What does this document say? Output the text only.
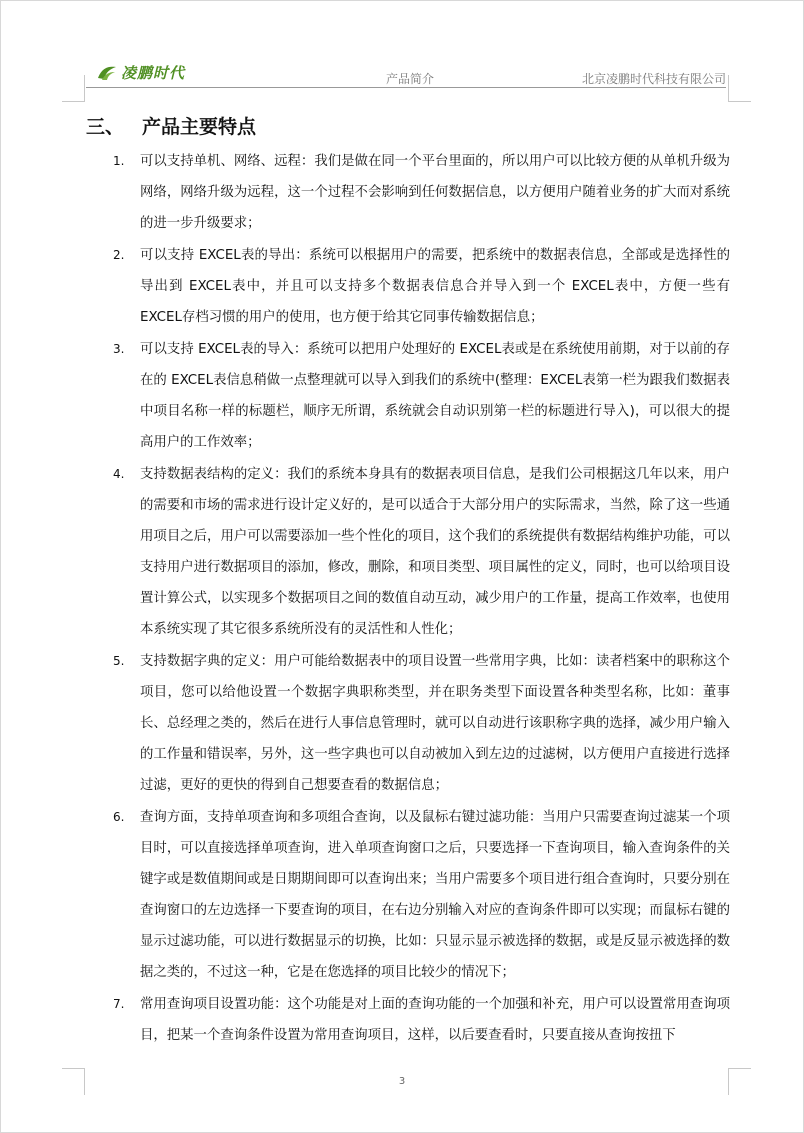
凌鹏时代	产品简介	北京凌鹏时代科技有限公司
三、 产品主要特点
1. 可以支持单机、网络、远程：我们是做在同一个平台里面的，所以用户可以比较方便的从单机升级为网络，网络升级为远程，这一个过程不会影响到任何数据信息，以方便用户随着业务的扩大而对系统的进一步升级要求；
2. 可以支持 EXCEL表的导出：系统可以根据用户的需要，把系统中的数据表信息，全部或是选择性的导出到 EXCEL表中，并且可以支持多个数据表信息合并导入到一个 EXCEL表中，方便一些有 EXCEL存档习惯的用户的使用，也方便于给其它同事传输数据信息；
3. 可以支持 EXCEL表的导入：系统可以把用户处理好的 EXCEL表或是在系统使用前期，对于以前的存在的 EXCEL表信息稍做一点整理就可以导入到我们的系统中(整理：EXCEL表第一栏为跟我们数据表中项目名称一样的标题栏，顺序无所谓，系统就会自动识别第一栏的标题进行导入)，可以很大的提高用户的工作效率；
4. 支持数据表结构的定义：我们的系统本身具有的数据表项目信息，是我们公司根据这几年以来，用户的需要和市场的需求进行设计定义好的，是可以适合于大部分用户的实际需求，当然，除了这一些通用项目之后，用户可以需要添加一些个性化的项目，这个我们的系统提供有数据结构维护功能，可以支持用户进行数据项目的添加，修改，删除，和项目类型、项目属性的定义，同时，也可以给项目设置计算公式，以实现多个数据项目之间的数值自动互动，减少用户的工作量，提高工作效率，也使用本系统实现了其它很多系统所没有的灵活性和人性化；
5. 支持数据字典的定义：用户可能给数据表中的项目设置一些常用字典，比如：读者档案中的职称这个项目，您可以给他设置一个数据字典职称类型，并在职务类型下面设置各种类型名称，比如：董事长、总经理之类的，然后在进行人事信息管理时，就可以自动进行该职称字典的选择，减少用户输入的工作量和错误率，另外，这一些字典也可以自动被加入到左边的过滤树，以方便用户直接进行选择过滤，更好的更快的得到自己想要查看的数据信息；
6. 查询方面，支持单项查询和多项组合查询，以及鼠标右键过滤功能：当用户只需要查询过滤某一个项目时，可以直接选择单项查询，进入单项查询窗口之后，只要选择一下查询项目，输入查询条件的关键字或是数值期间或是日期期间即可以查询出来；当用户需要多个项目进行组合查询时，只要分别在查询窗口的左边选择一下要查询的项目，在右边分别输入对应的查询条件即可以实现；而鼠标右键的显示过滤功能，可以进行数据显示的切换，比如：只显示显示被选择的数据，或是反显示被选择的数据之类的，不过这一种，它是在您选择的项目比较少的情况下；
7. 常用查询项目设置功能：这个功能是对上面的查询功能的一个加强和补充，用户可以设置常用查询项目，把某一个查询条件设置为常用查询项目，这样，以后要查看时，只要直接从查询按扭下
3
